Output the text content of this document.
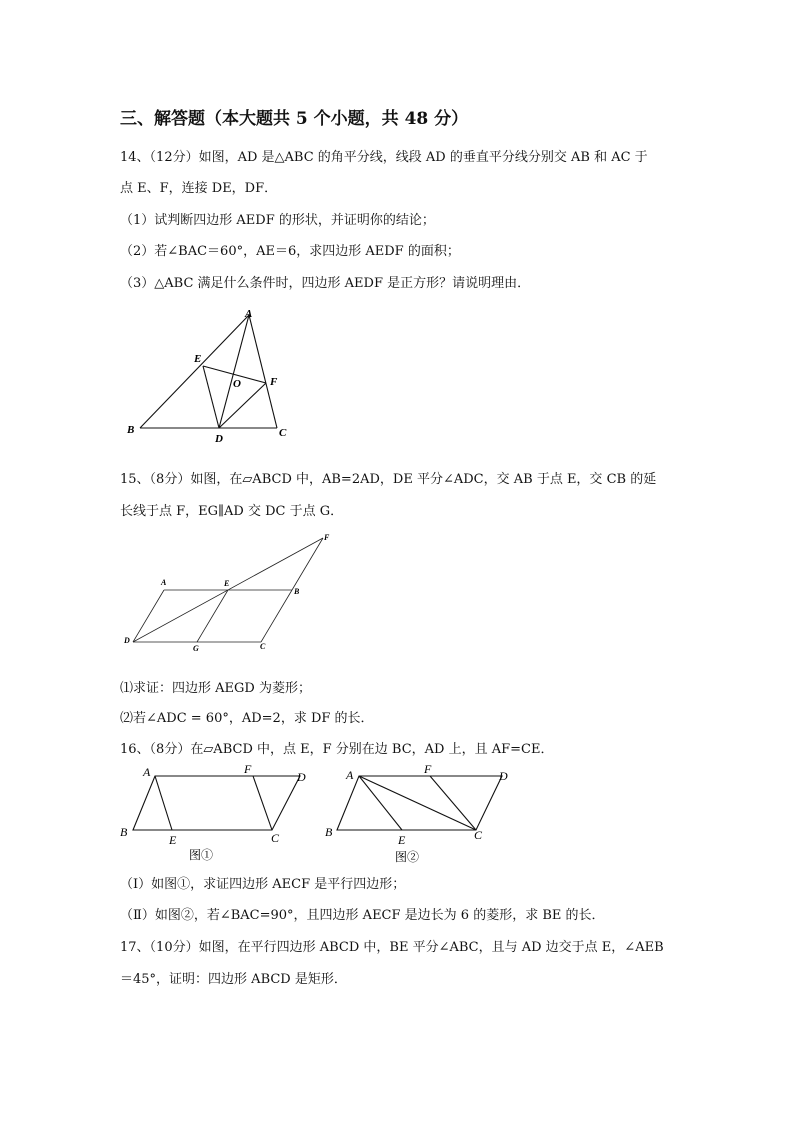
三、解答题（本大题共 5 个小题，共 48 分）
14、（12分）如图，AD 是△ABC 的角平分线，线段 AD 的垂直平分线分别交 AB 和 AC 于
点 E、F，连接 DE，DF．
（1）试判断四边形 AEDF 的形状，并证明你的结论；
（2）若∠BAC＝60°，AE＝6，求四边形 AEDF 的面积；
（3）△ABC 满足什么条件时，四边形 AEDF 是正方形？请说明理由．
A
B	C
D
E
F
O
15、（8分）如图，在▱ABCD 中，AB=2AD，DE 平分∠ADC，交 AB 于点 E，交 CB 的延
长线于点 F，EG∥AD 交 DC 于点 G．
A
B
C
D
E
F
G
⑴求证：四边形 AEGD 为菱形；
⑵若∠ADC = 60°，AD=2，求 DF 的长．
16、（8分）在▱ABCD 中，点 E，F 分别在边 BC，AD 上，且 AF=CE．
A	F
D
B
E	C
图①
A	F	D
B
E	C
图②
（Ⅰ）如图①，求证四边形 AECF 是平行四边形；
（Ⅱ）如图②，若∠BAC=90°，且四边形 AECF 是边长为 6 的菱形，求 BE 的长．
17、（10分）如图，在平行四边形 ABCD 中，BE 平分∠ABC，且与 AD 边交于点 E，∠AEB
＝45°，证明：四边形 ABCD 是矩形．
